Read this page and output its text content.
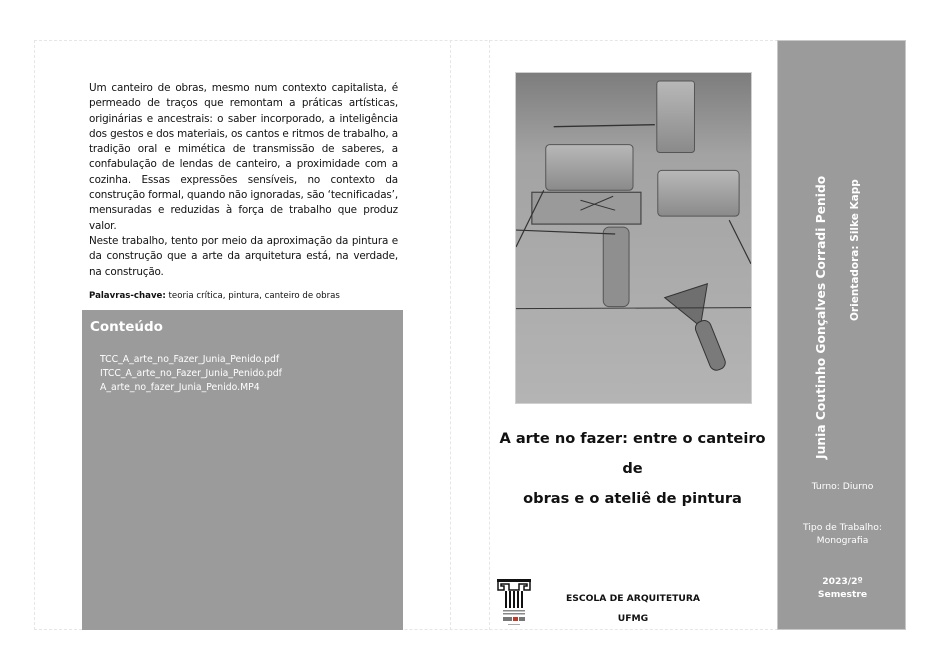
Um canteiro de obras, mesmo num contexto capitalista, é permeado de traços que remontam a práticas artísticas, originárias e ancestrais: o saber incorporado, a inteligência dos gestos e dos materiais, os cantos e ritmos de trabalho, a tradição oral e mimética de transmissão de saberes, a confabulação de lendas de canteiro, a proximidade com a cozinha. Essas expressões sensíveis, no contexto da construção formal, quando não ignoradas, são ‘tecnificadas’, mensuradas e reduzidas à força de trabalho que produz valor.

Neste trabalho, tento por meio da aproximação da pintura e da construção que a arte da arquitetura está, na verdade, na construção.

Palavras-chave: teoria crítica, pintura, canteiro de obras
Conteúdo
TCC_A_arte_no_Fazer_Junia_Penido.pdf
ITCC_A_arte_no_Fazer_Junia_Penido.pdf
A_arte_no_fazer_Junia_Penido.MP4
A arte no fazer: entre o canteiro de
obras e o ateliê de pintura
ESCOLA DE ARQUITETURA
UFMG
Junia Coutinho Gonçalves Corradi Penido Orientadora: Silke Kapp
Turno: Diurno
Tipo de Trabalho:
Monografia
2023/2º
Semestre
